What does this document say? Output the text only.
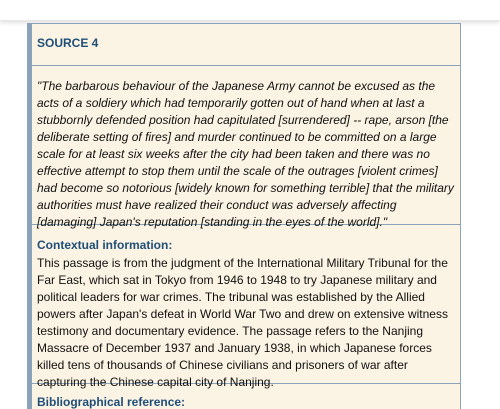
SOURCE 4

"The barbarous behaviour of the Japanese Army cannot be excused as the acts of a soldiery which had temporarily gotten out of hand when at last a stubbornly defended position had capitulated [surrendered] -- rape, arson [the deliberate setting of fires] and murder continued to be committed on a large scale for at least six weeks after the city had been taken and there was no effective attempt to stop them until the scale of the outrages [violent crimes] had become so notorious [widely known for something terrible] that the military authorities must have realized their conduct was adversely affecting [damaging] Japan's reputation [standing in the eyes of the world]."

Contextual information:

This passage is from the judgment of the International Military Tribunal for the Far East, which sat in Tokyo from 1946 to 1948 to try Japanese military and political leaders for war crimes. The tribunal was established by the Allied powers after Japan's defeat in World War Two and drew on extensive witness testimony and documentary evidence. The passage refers to the Nanjing Massacre of December 1937 and January 1938, in which Japanese forces killed tens of thousands of Chinese civilians and prisoners of war after capturing the Chinese capital city of Nanjing.

Bibliographical reference:
